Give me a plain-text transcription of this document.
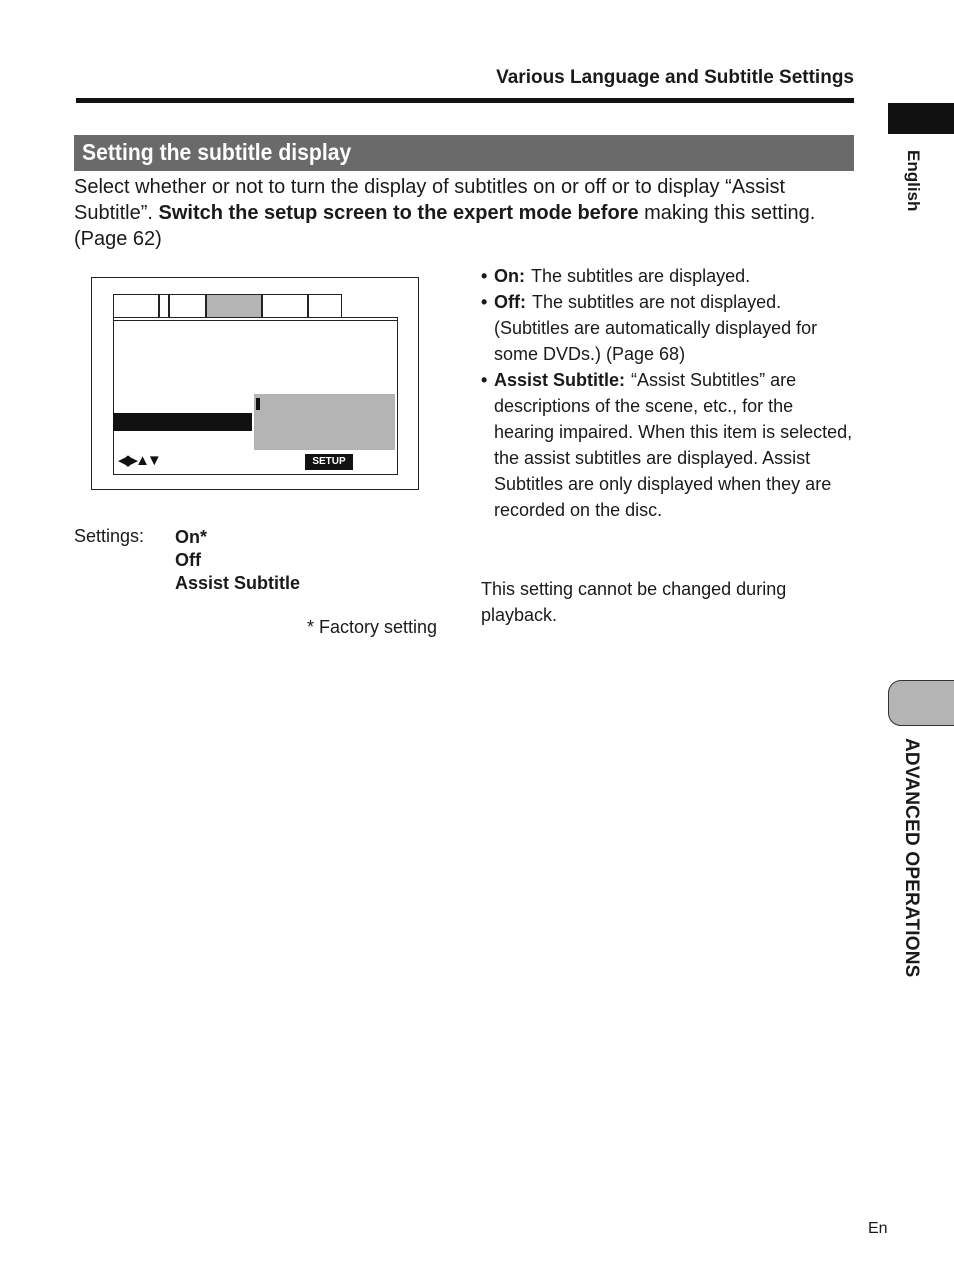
Various Language and Subtitle Settings
English
ADVANCED OPERATIONS
Setting the subtitle display

Select whether or not to turn the display of subtitles on or off or to display “Assist Subtitle”. Switch the setup screen to the expert mode before making this setting. (Page 62)

◀▶▲▼	SETUP
Settings: On*
Off
Assist Subtitle
* Factory setting
• On: The subtitles are displayed.
• Off: The subtitles are not displayed. (Subtitles are automatically displayed for some DVDs.) (Page 68)
• Assist Subtitle: “Assist Subtitles” are descriptions of the scene, etc., for the hearing impaired. When this item is selected, the assist subtitles are displayed. Assist Subtitles are only displayed when they are recorded on the disc.
This setting cannot be changed during playback.
En
